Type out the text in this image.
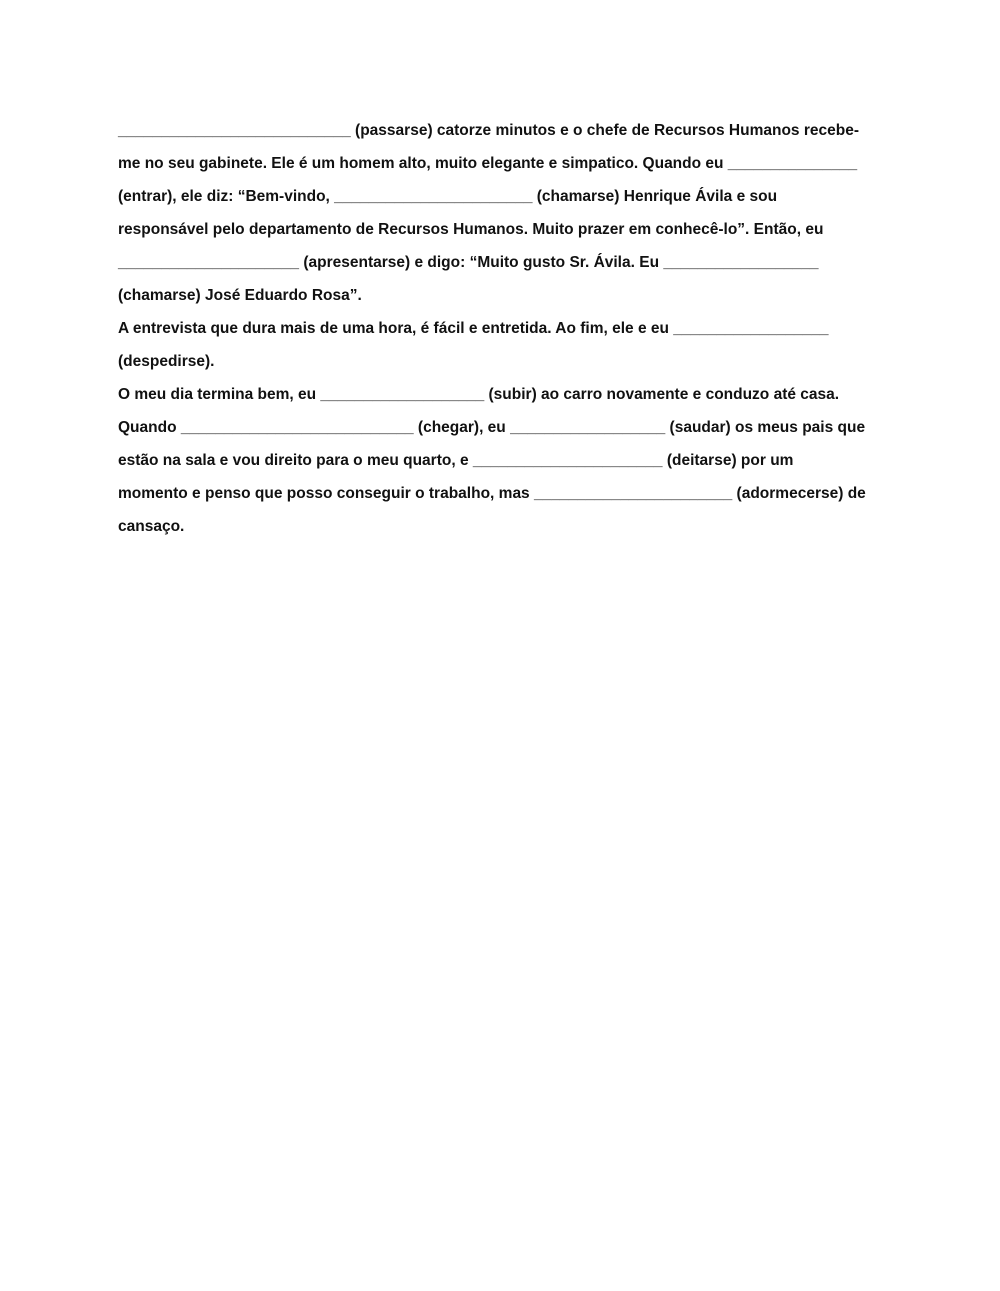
___________________________ (passarse) catorze minutos e o chefe de Recursos Humanos recebe-
me no seu gabinete. Ele é um homem alto, muito elegante e simpatico. Quando eu _______________
(entrar), ele diz: “Bem-vindo, _______________________ (chamarse) Henrique Ávila e sou
responsável pelo departamento de Recursos Humanos. Muito prazer em conhecê-lo”. Então, eu
_____________________ (apresentarse) e digo: “Muito gusto Sr. Ávila. Eu __________________
(chamarse) José Eduardo Rosa”.
A entrevista que dura mais de uma hora, é fácil e entretida. Ao fim, ele e eu __________________
(despedirse).
O meu dia termina bem, eu ___________________ (subir) ao carro novamente e conduzo até casa.
Quando ___________________________ (chegar), eu __________________ (saudar) os meus pais que
estão na sala e vou direito para o meu quarto, e ______________________ (deitarse) por um
momento e penso que posso conseguir o trabalho, mas _______________________ (adormecerse) de
cansaço.
